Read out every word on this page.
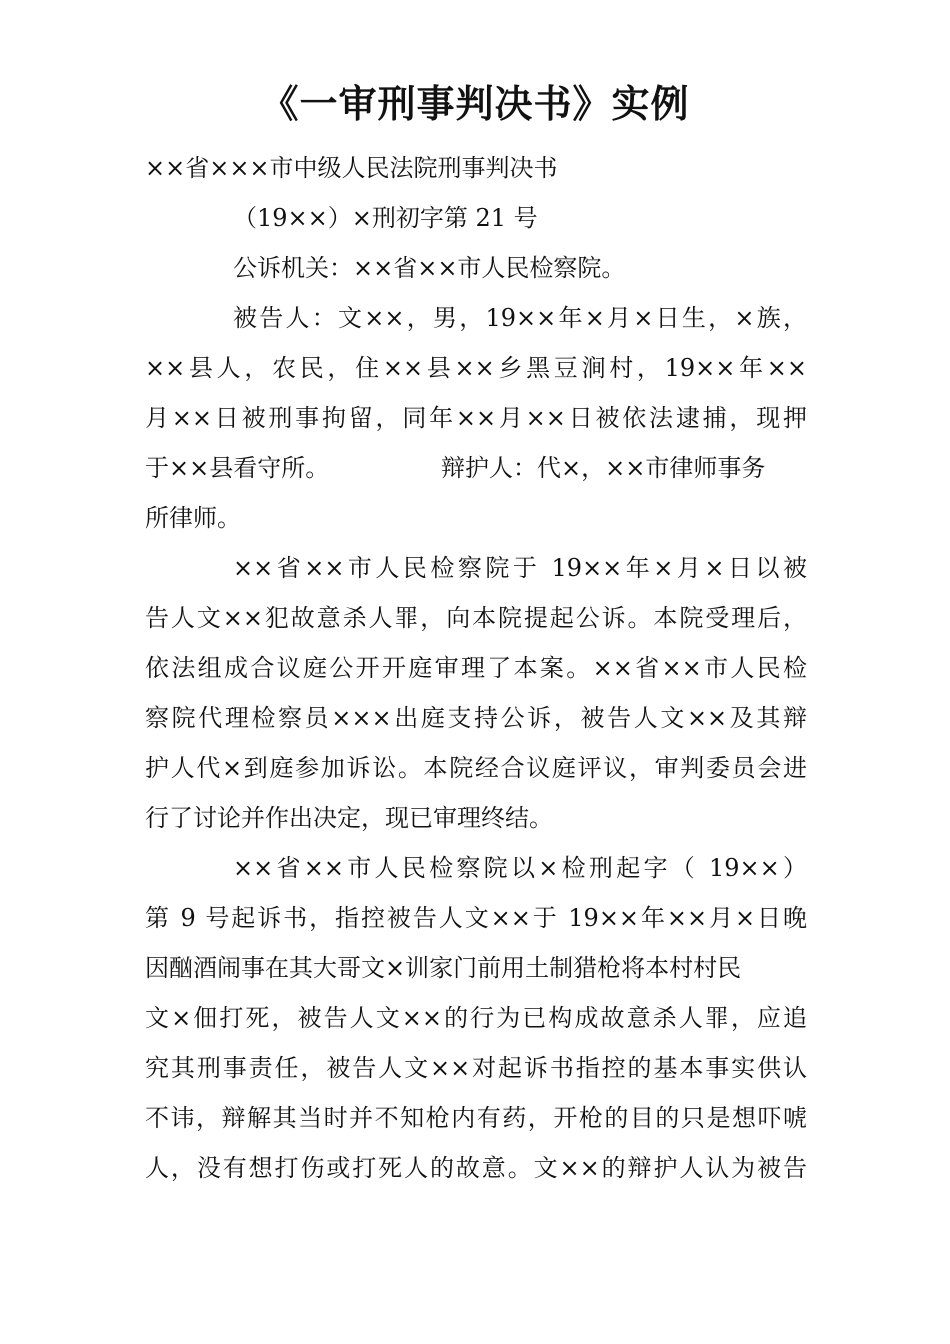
《一审刑事判决书》实例
××省×××市中级人民法院刑事判决书
（19××）×刑初字第 21 号
公诉机关：××省××市人民检察院。
被告人：文××，男，19××年×月×日生，×族，
××县人，农民，住××县××乡黑豆涧村，19××年××
月××日被刑事拘留，同年××月××日被依法逮捕，现押
于××县看守所。	辩护人：代×，××市律师事务
所律师。
××省××市人民检察院于 19××年×月×日以被
告人文××犯故意杀人罪，向本院提起公诉。本院受理后，
依法组成合议庭公开开庭审理了本案。××省××市人民检
察院代理检察员×××出庭支持公诉，被告人文××及其辩
护人代×到庭参加诉讼。本院经合议庭评议，审判委员会进
行了讨论并作出决定，现已审理终结。
××省××市人民检察院以×检刑起字（ 19××）
第 9 号起诉书，指控被告人文××于 19××年××月×日晚
因酗酒闹事在其大哥文×训家门前用土制猎枪将本村村民
文×佃打死，被告人文××的行为已构成故意杀人罪，应追
究其刑事责任，被告人文××对起诉书指控的基本事实供认
不讳，辩解其当时并不知枪内有药，开枪的目的只是想吓唬
人，没有想打伤或打死人的故意。文××的辩护人认为被告
